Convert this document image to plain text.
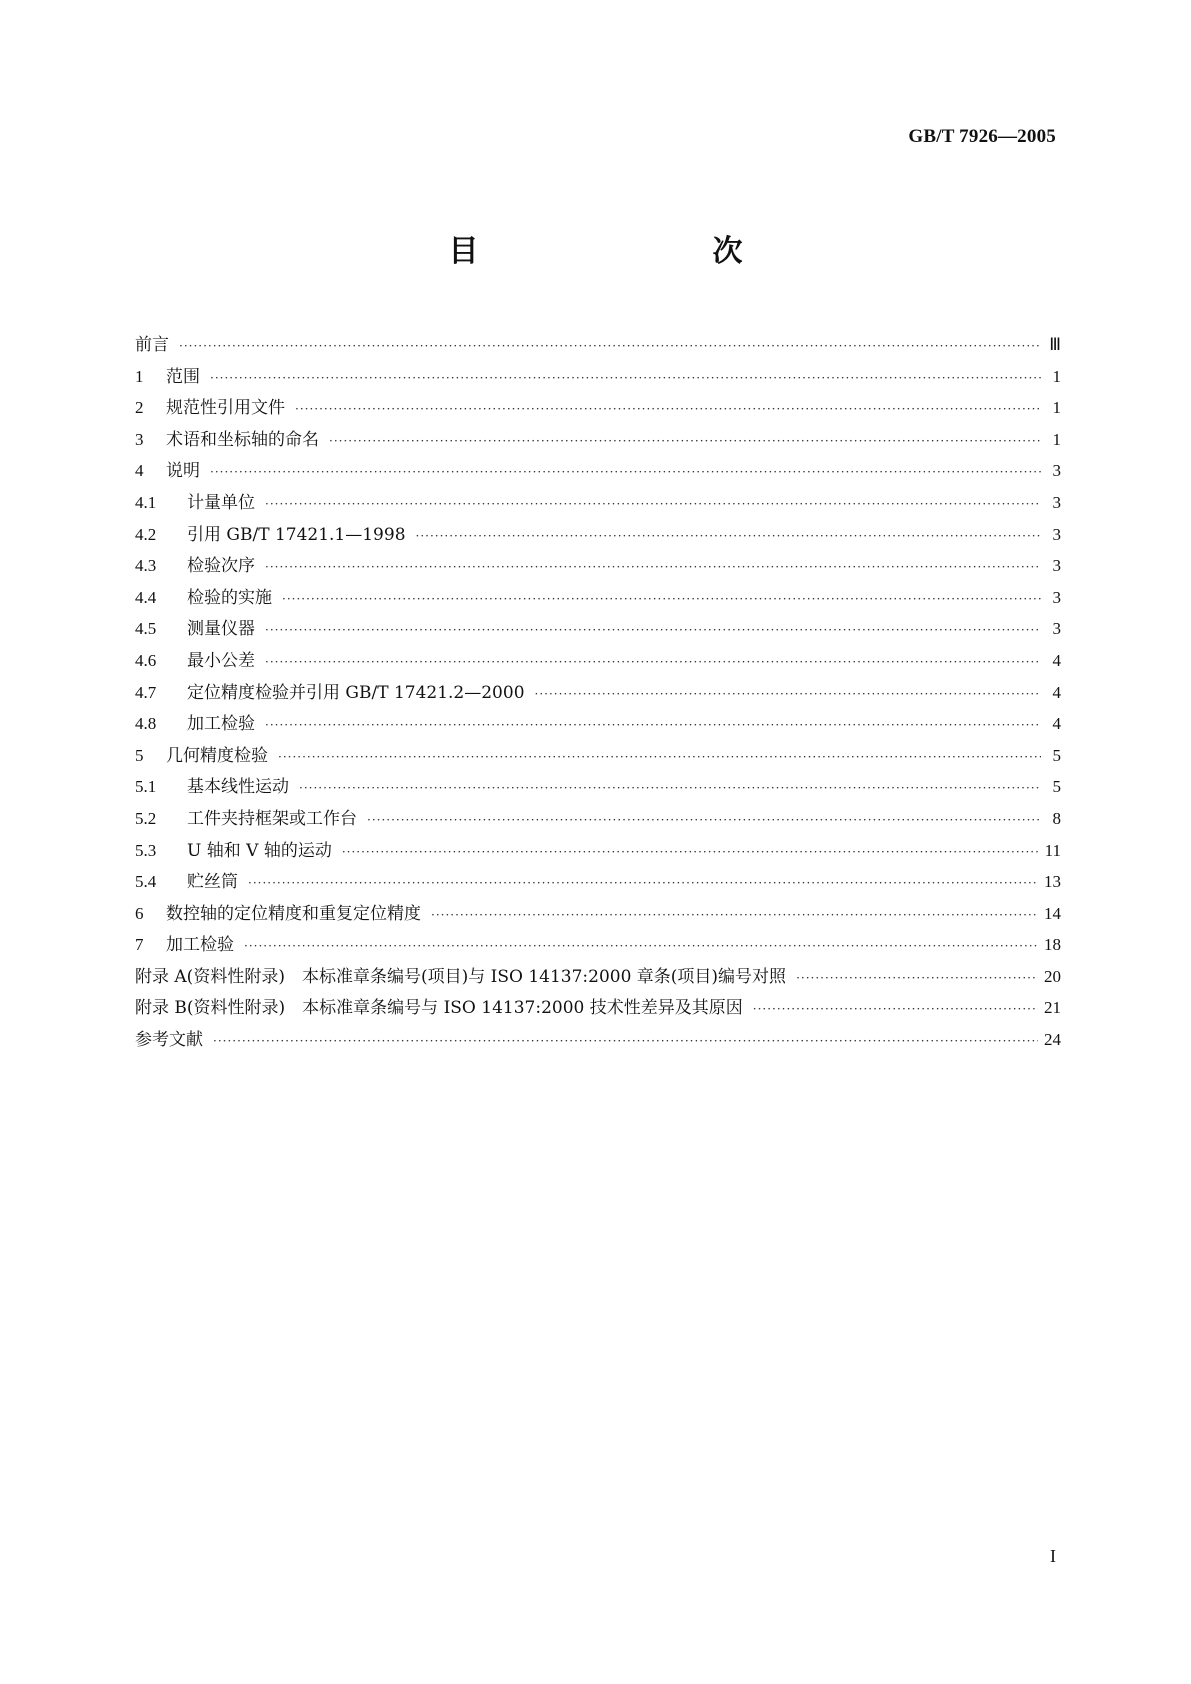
GB/T 7926—2005
目　　次
前言 ·····	Ⅲ
1	范围 ·····	1
2	规范性引用文件 ·····	1
3	术语和坐标轴的命名 ·····	1
4	说明 ·····	3
4.1	计量单位 ·····	3
4.2	引用 GB/T 17421.1—1998 ·····	3
4.3	检验次序 ·····	3
4.4	检验的实施 ·····	3
4.5	测量仪器 ·····	3
4.6	最小公差 ·····	4
4.7	定位精度检验并引用 GB/T 17421.2—2000 ·····	4
4.8	加工检验 ·····	4
5	几何精度检验 ·····	5
5.1	基本线性运动 ·····	5
5.2	工件夹持框架或工作台 ·····	8
5.3	U 轴和 V 轴的运动 ·····	11
5.4	贮丝筒 ·····	13
6	数控轴的定位精度和重复定位精度 ·····	14
7	加工检验 ·····	18
附录 A(资料性附录)　本标准章条编号(项目)与 ISO 14137:2000 章条(项目)编号对照 ·····	20
附录 B(资料性附录)　本标准章条编号与 ISO 14137:2000 技术性差异及其原因 ·····	21
参考文献 ·····	24
I
